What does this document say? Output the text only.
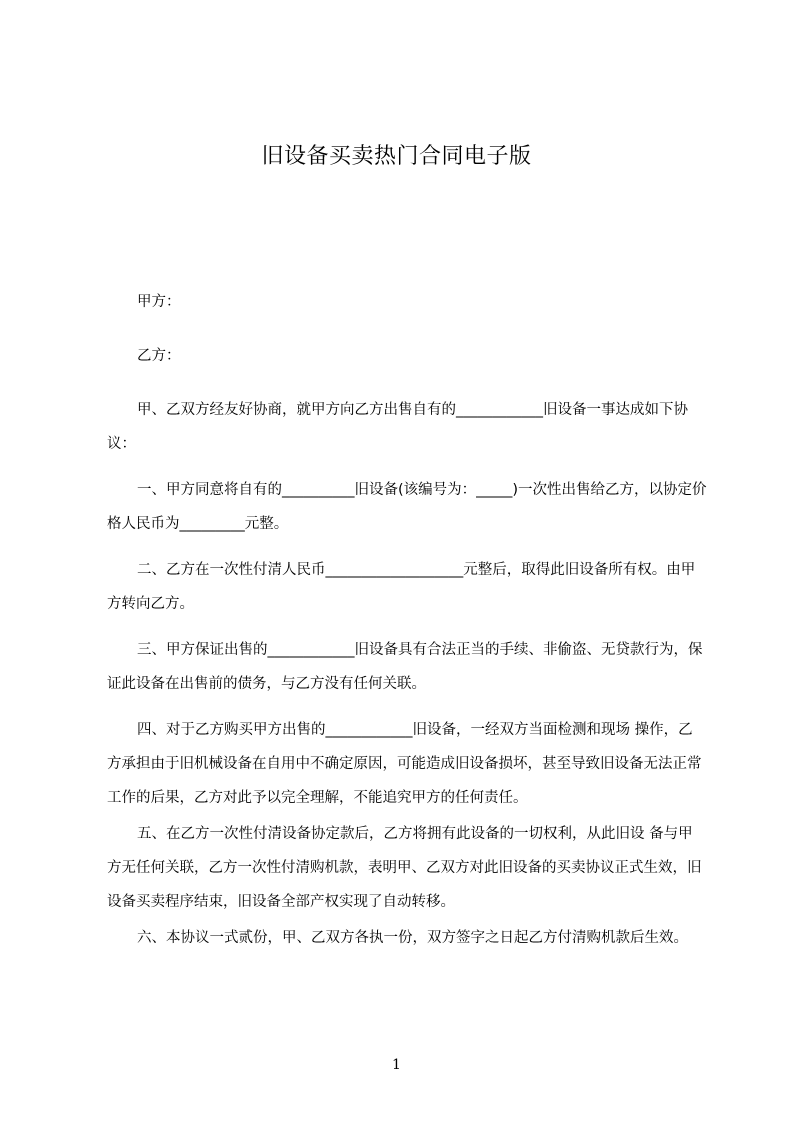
旧设备买卖热门合同电子版
甲方：
乙方：
甲、乙双方经友好协商，就甲方向乙方出售自有的____________旧设备一事达成如下协议：
一、甲方同意将自有的__________旧设备(该编号为：_____)一次性出售给乙方，以协定价格人民币为_________元整。
二、乙方在一次性付清人民币___________________元整后，取得此旧设备所有权。由甲方转向乙方。
三、甲方保证出售的____________旧设备具有合法正当的手续、非偷盗、无贷款行为，保证此设备在出售前的债务，与乙方没有任何关联。
四、对于乙方购买甲方出售的____________旧设备，一经双方当面检测和现场 操作，乙方承担由于旧机械设备在自用中不确定原因，可能造成旧设备损坏，甚至导致旧设备无法正常工作的后果，乙方对此予以完全理解，不能追究甲方的任何责任。
五、在乙方一次性付清设备协定款后，乙方将拥有此设备的一切权利，从此旧设 备与甲方无任何关联，乙方一次性付清购机款，表明甲、乙双方对此旧设备的买卖协议正式生效，旧设备买卖程序结束，旧设备全部产权实现了自动转移。
六、本协议一式贰份，甲、乙双方各执一份，双方签字之日起乙方付清购机款后生效。
1
